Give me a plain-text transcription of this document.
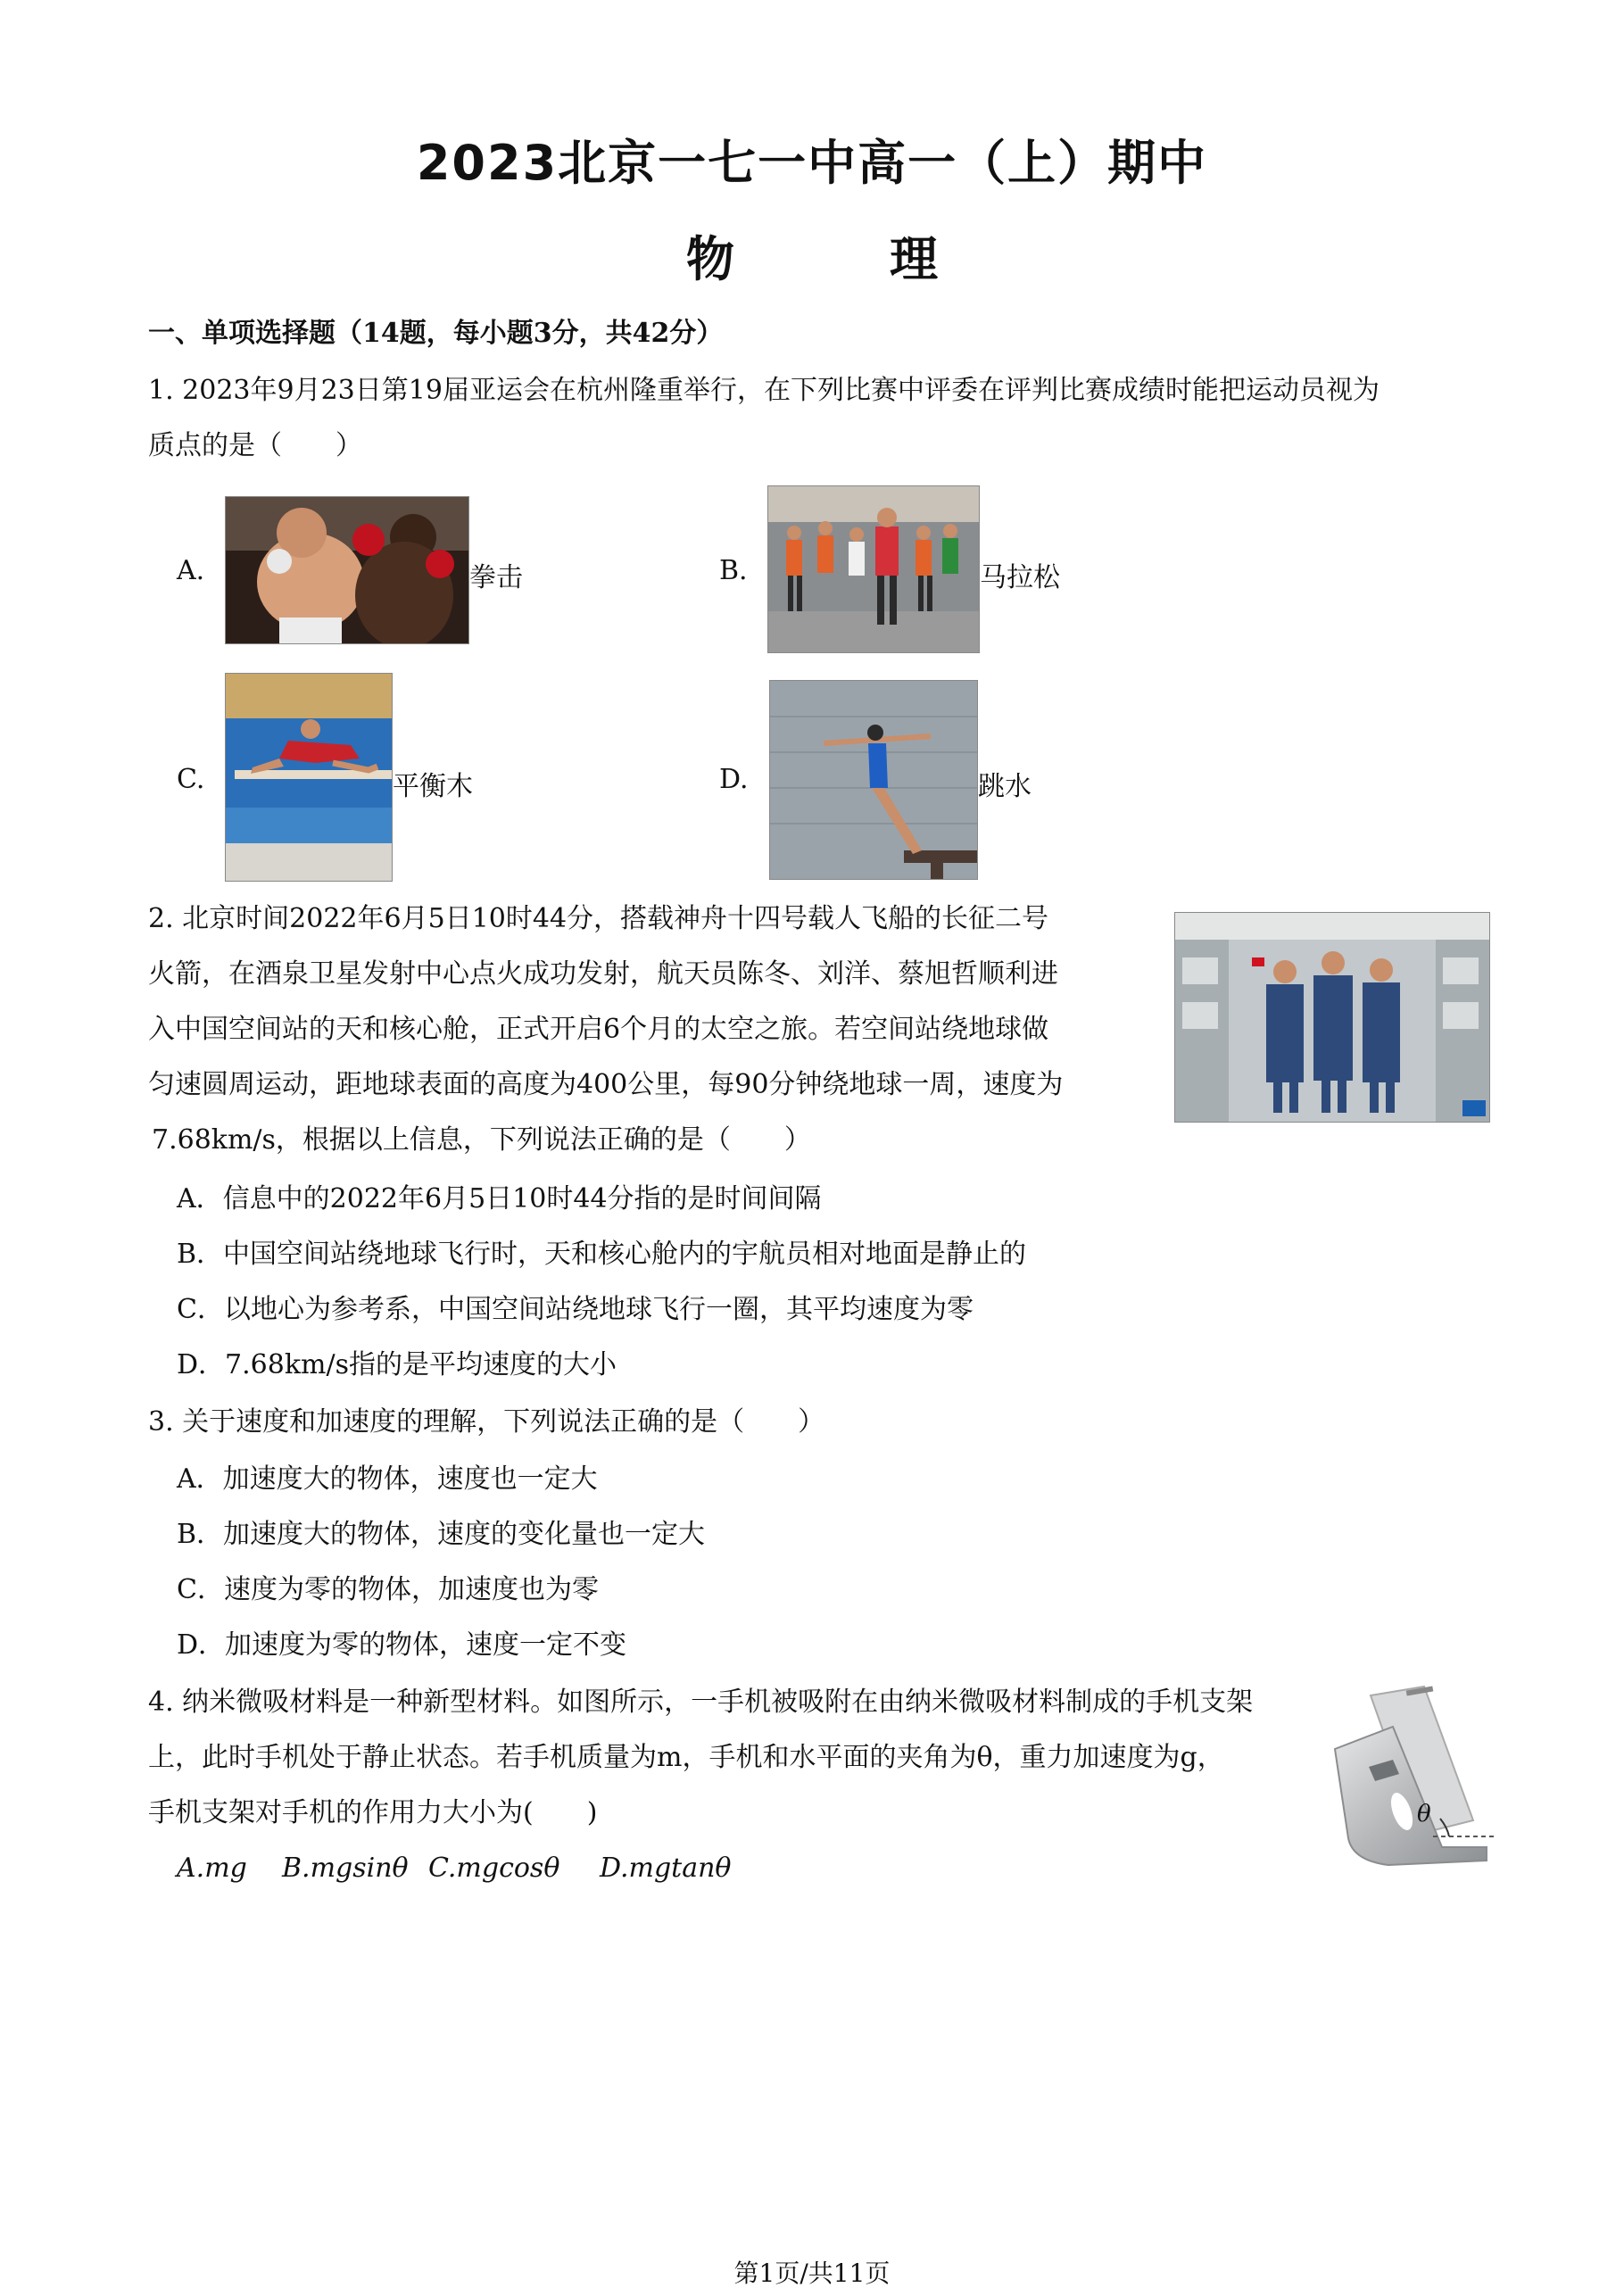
2023北京一七一中高一（上）期中
物　理
一、单项选择题（14题，每小题3分，共42分）
1. 2023年9月23日第19届亚运会在杭州隆重举行，在下列比赛中评委在评判比赛成绩时能把运动员视为
质点的是（　　）
A.	拳击	B.	马拉松
C.	平衡木	D.	跳水
2. 北京时间2022年6月5日10时44分，搭载神舟十四号载人飞船的长征二号
火箭，在酒泉卫星发射中心点火成功发射，航天员陈冬、刘洋、蔡旭哲顺利进
入中国空间站的天和核心舱，正式开启6个月的太空之旅。若空间站绕地球做
匀速圆周运动，距地球表面的高度为400公里，每90分钟绕地球一周，速度为
7.68km/s，根据以上信息，下列说法正确的是（　　）
A．信息中的2022年6月5日10时44分指的是时间间隔
B．中国空间站绕地球飞行时，天和核心舱内的宇航员相对地面是静止的
C．以地心为参考系，中国空间站绕地球飞行一圈，其平均速度为零
D．7.68km/s指的是平均速度的大小
3. 关于速度和加速度的理解，下列说法正确的是（　　）
A．加速度大的物体，速度也一定大
B．加速度大的物体，速度的变化量也一定大
C．速度为零的物体，加速度也为零
D．加速度为零的物体，速度一定不变
4. 纳米微吸材料是一种新型材料。如图所示，一手机被吸附在由纳米微吸材料制成的手机支架
上，此时手机处于静止状态。若手机质量为m，手机和水平面的夹角为θ，重力加速度为g，
手机支架对手机的作用力大小为(　　)
A.mg B.mgsinθ C.mgcosθ D.mgtanθ
θ
第1页/共11页
